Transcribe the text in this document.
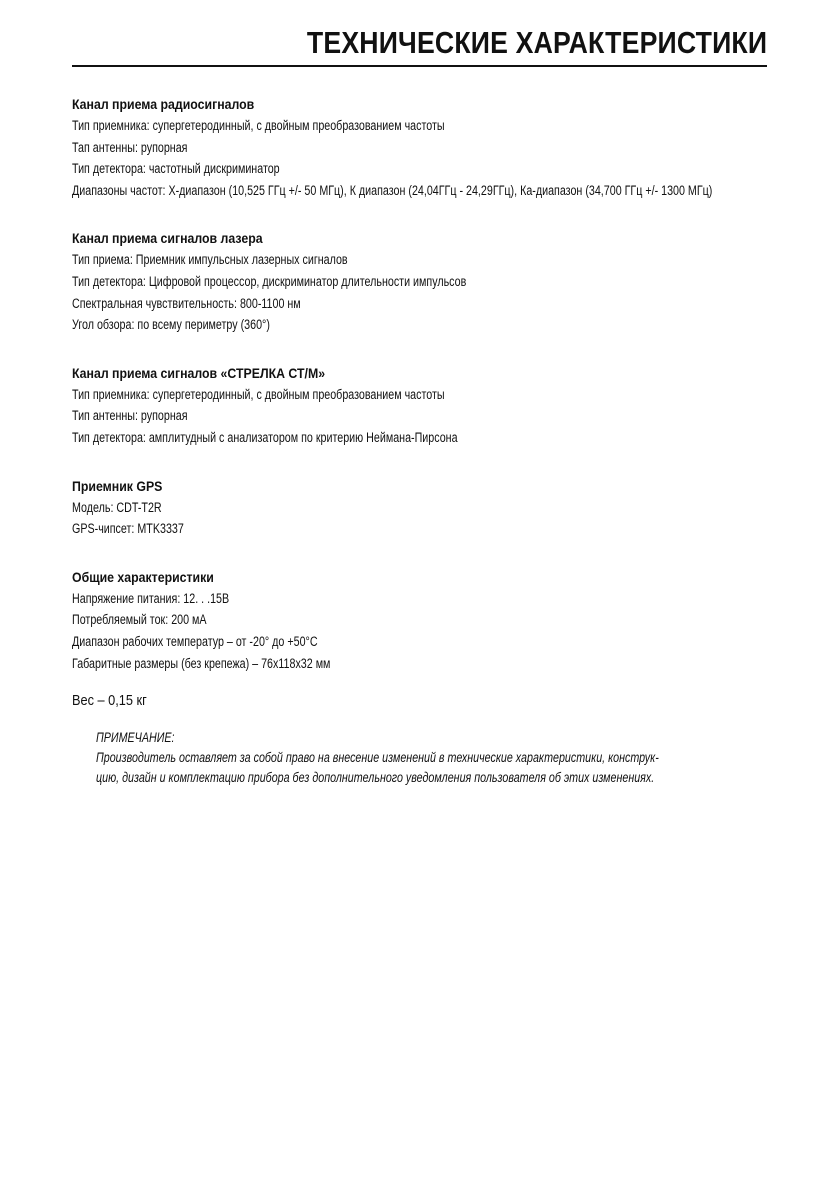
ТЕХНИЧЕСКИЕ ХАРАКТЕРИСТИКИ
Канал приема радиосигналов
Тип приемника: супергетеродинный, с двойным преобразованием частоты
Тап антенны: рупорная
Тип детектора: частотный дискриминатор
Диапазоны частот: X-диапазон (10,525 ГГц +/- 50 МГц), К диапазон (24,04ГГц - 24,29ГГц), Ка-диапазон (34,700 ГГц +/- 1300 МГц)
Канал приема сигналов лазера
Тип приема: Приемник импульсных лазерных сигналов
Тип детектора: Цифровой процессор, дискриминатор длительности импульсов
Спектральная чувствительность: 800-1100 нм
Угол обзора: по всему периметру (360°)
Канал приема сигналов «СТРЕЛКА СТ/М»
Тип приемника: супергетеродинный, с двойным преобразованием частоты
Тип антенны: рупорная
Тип детектора: амплитудный с анализатором по критерию Неймана-Пирсона
Приемник GPS
Модель: CDT-T2R
GPS-чипсет: MTK3337
Общие характеристики
Напряжение питания: 12. . .15В
Потребляемый ток: 200 мА
Диапазон рабочих температур – от -20° до +50°С
Габаритные размеры (без крепежа) – 76х118х32 мм
Вес – 0,15 кг
ПРИМЕЧАНИЕ:
Производитель оставляет за собой право на внесение изменений в технические характеристики, конструк-
цию, дизайн и комплектацию прибора без дополнительного уведомления пользователя об этих изменениях.
